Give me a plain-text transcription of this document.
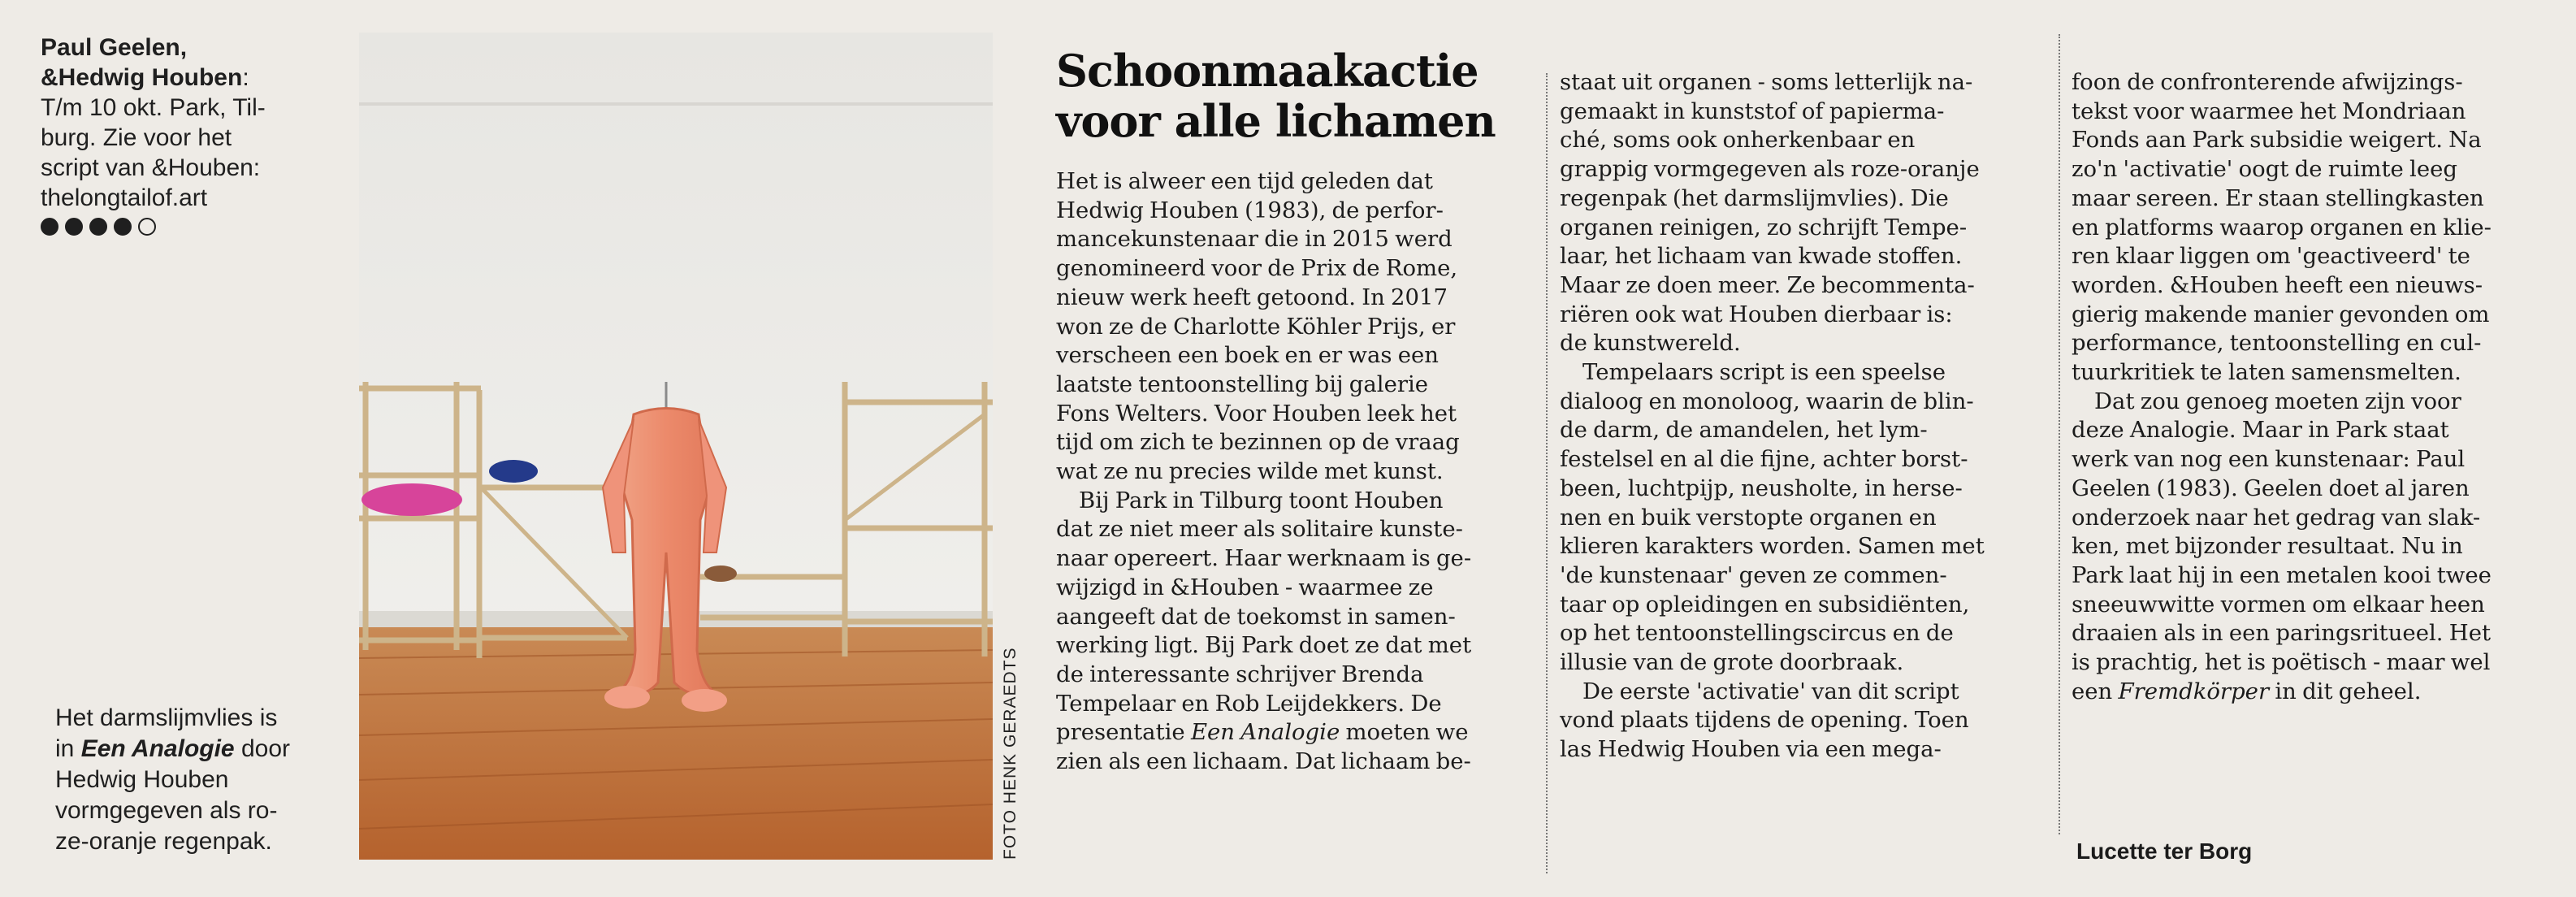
Paul Geelen,
&Hedwig Houben:
T/m 10 okt. Park, Til-
burg. Zie voor het
script van &Houben:
thelongtailof.art
Het darmslijmvlies is
in Een Analogie door
Hedwig Houben
vormgegeven als ro-
ze-oranje regenpak.	FOTO HENK GERAEDTS
Schoonmaakactie
voor alle lichamen

Het is alweer een tijd geleden dat
Hedwig Houben (1983), de perfor-
mancekunstenaar die in 2015 werd
genomineerd voor de Prix de Rome,
nieuw werk heeft getoond. In 2017
won ze de Charlotte Köhler Prijs, er
verscheen een boek en er was een
laatste tentoonstelling bij galerie
Fons Welters. Voor Houben leek het
tijd om zich te bezinnen op de vraag
wat ze nu precies wilde met kunst.

Bij Park in Tilburg toont Houben
dat ze niet meer als solitaire kunste-
naar opereert. Haar werknaam is ge-
wijzigd in &Houben - waarmee ze
aangeeft dat de toekomst in samen-
werking ligt. Bij Park doet ze dat met
de interessante schrijver Brenda
Tempelaar en Rob Leijdekkers. De
presentatie Een Analogie moeten we
zien als een lichaam. Dat lichaam be-

staat uit organen - soms letterlijk na-
gemaakt in kunststof of papierma-
ché, soms ook onherkenbaar en
grappig vormgegeven als roze-oranje
regenpak (het darmslijmvlies). Die
organen reinigen, zo schrijft Tempe-
laar, het lichaam van kwade stoffen.
Maar ze doen meer. Ze becommenta-
riëren ook wat Houben dierbaar is:
de kunstwereld.

Tempelaars script is een speelse
dialoog en monoloog, waarin de blin-
de darm, de amandelen, het lym-
festelsel en al die fijne, achter borst-
been, luchtpijp, neusholte, in herse-
nen en buik verstopte organen en
klieren karakters worden. Samen met
'de kunstenaar' geven ze commen-
taar op opleidingen en subsidiënten,
op het tentoonstellingscircus en de
illusie van de grote doorbraak.

De eerste 'activatie' van dit script
vond plaats tijdens de opening. Toen
las Hedwig Houben via een mega-

foon de confronterende afwijzings-
tekst voor waarmee het Mondriaan
Fonds aan Park subsidie weigert. Na
zo'n 'activatie' oogt de ruimte leeg
maar sereen. Er staan stellingkasten
en platforms waarop organen en klie-
ren klaar liggen om 'geactiveerd' te
worden. &Houben heeft een nieuws-
gierig makende manier gevonden om
performance, tentoonstelling en cul-
tuurkritiek te laten samensmelten.

Dat zou genoeg moeten zijn voor
deze Analogie. Maar in Park staat
werk van nog een kunstenaar: Paul
Geelen (1983). Geelen doet al jaren
onderzoek naar het gedrag van slak-
ken, met bijzonder resultaat. Nu in
Park laat hij in een metalen kooi twee
sneeuwwitte vormen om elkaar heen
draaien als in een paringsritueel. Het
is prachtig, het is poëtisch - maar wel
een Fremdkörper in dit geheel.

Lucette ter Borg
